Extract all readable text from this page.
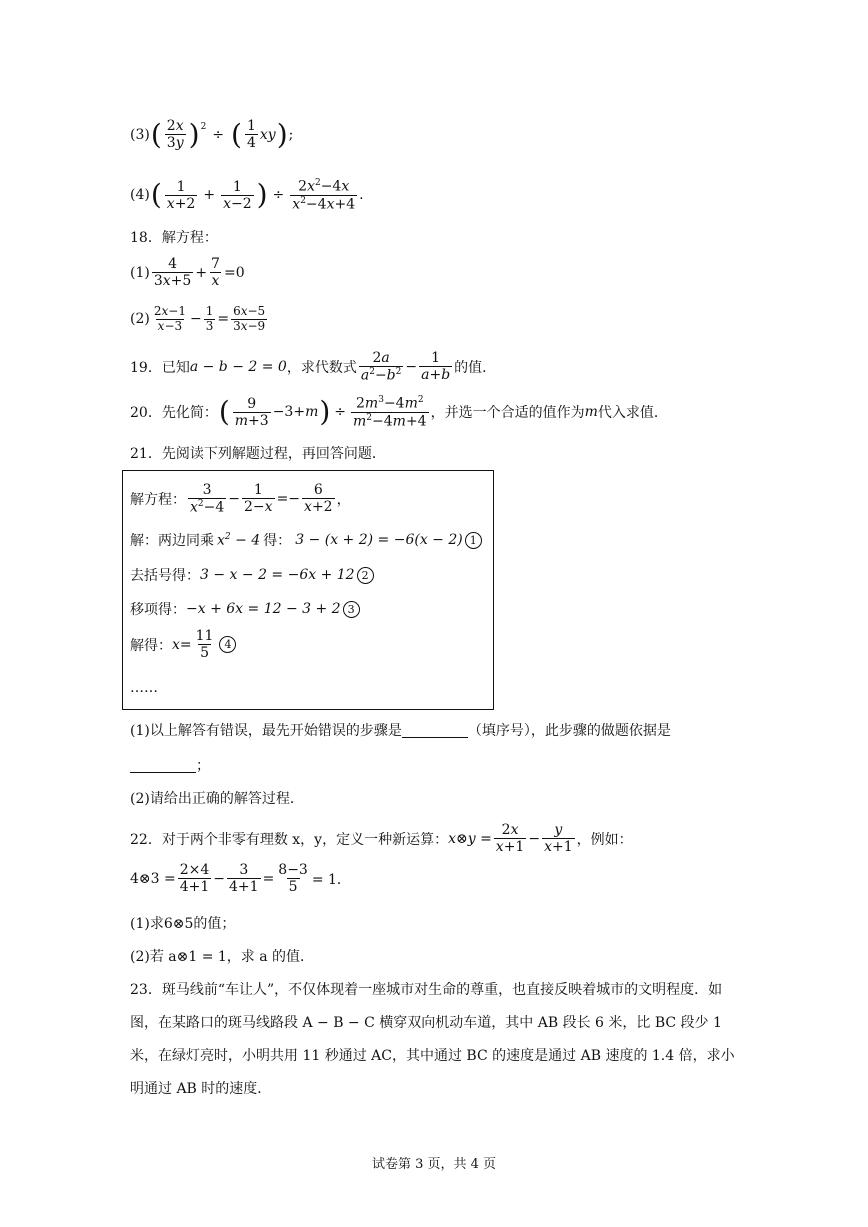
(3) ( $\frac{2x}{3y}$ ) 2 ÷ ( $\frac{1}{4}$ xy ) ;
(4) ( $\frac{1}{x+2} + \frac{1}{x-2}$ ) ÷ $\frac{2x^2-4x}{x^2-4x+4}$ .
18．解方程：
$(1) \frac{4}{3x+5} + \frac{7}{x} =0$
$(2) \frac{2x-1}{x-3} - \frac{1}{3} = \frac{6x-5}{3x-9}$
19．已知 a − b − 2 = 0 ，求代数式 $\frac{2a}{a^2-b^2} - \frac{1}{a+b}$ 的值．
20．先化简： ( $\frac{9}{m+3} -3+m$ ) ÷ $\frac{2m^3-4m^2}{m^2-4m+4}$ ，并选一个合适的值作为 m 代入求值．
21．先阅读下列解题过程，再回答问题．
解方程： $\frac{3}{x^2-4} - \frac{1}{2-x} =- \frac{6}{x+2}$ ，
解：两边同乘 $x^2 - 4$ 得： 3 − (x + 2) = −6(x − 2) 1
去括号得： 3 − x − 2 = −6x + 12 2
移项得： −x + 6x = 12 − 3 + 2 3
解得： $x = \frac{11}{5} 4$
……
(1)以上解答有错误，最先开始错误的步骤是	（填序号），此步骤的做题依据是
；
(2)请给出正确的解答过程．
22．对于两个非零有理数 x，y，定义一种新运算： x⊗y = $\frac{2x}{x+1} - \frac{y}{x+1}$ ，例如：
4⊗3 = $\frac{2\times 4}{4+1} - \frac{3}{4+1} = \frac{8-3}{5} = 1$．
(1)求6⊗5的值；
(2)若 a⊗1 = 1，求 a 的值．
23．斑马线前“车让人”，不仅体现着一座城市对生命的尊重，也直接反映着城市的文明程度．如图，在某路口的斑马线路段 A − B − C 横穿双向机动车道，其中 AB 段长 6 米，比 BC 段少 1 米，在绿灯亮时，小明共用 11 秒通过 AC，其中通过 BC 的速度是通过 AB 速度的 1.4 倍，求小明通过 AB 时的速度．
试卷第 3 页，共 4 页
